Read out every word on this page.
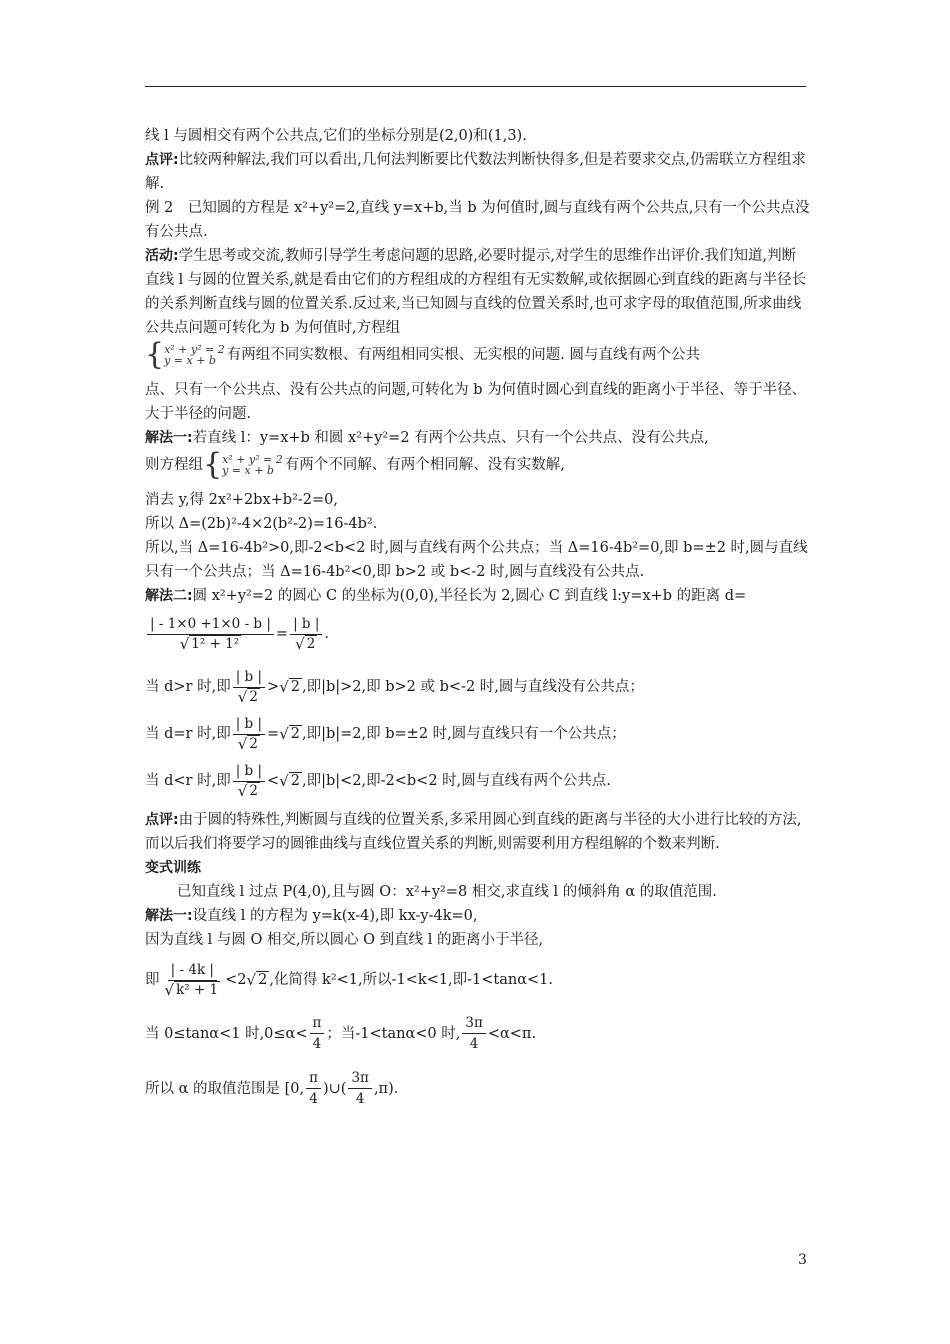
线 l 与圆相交有两个公共点,它们的坐标分别是(2,0)和(1,3).

点评:比较两种解法,我们可以看出,几何法判断要比代数法判断快得多,但是若要求交点,仍需联立方程组求解.

例 2　已知圆的方程是 x²+y²=2,直线 y=x+b,当 b 为何值时,圆与直线有两个公共点,只有一个公共点没有公共点.

活动:学生思考或交流,教师引导学生考虑问题的思路,必要时提示,对学生的思维作出评价.我们知道,判断直线 l 与圆的位置关系,就是看由它们的方程组成的方程组有无实数解,或依据圆心到直线的距离与半径长的关系判断直线与圆的位置关系.反过来,当已知圆与直线的位置关系时,也可求字母的取值范围,所求曲线公共点问题可转化为 b 为何值时,方程组

{ x² + y² = 2
y = x + b 有两组不同实数根、有两组相同实根、无实根的问题. 圆与直线有两个公共

点、只有一个公共点、没有公共点的问题,可转化为 b 为何值时圆心到直线的距离小于半径、等于半径、大于半径的问题.

解法一:若直线 l：y=x+b 和圆 x²+y²=2 有两个公共点、只有一个公共点、没有公共点,

则方程组 { x² + y² = 2
y = x + b 有两个不同解、有两个相同解、没有实数解,

消去 y,得 2x²+2bx+b²-2=0,

所以 Δ=(2b)²-4×2(b²-2)=16-4b².

所以,当 Δ=16-4b²>0,即-2<b<2 时,圆与直线有两个公共点；当 Δ=16-4b²=0,即 b=±2 时,圆与直线只有一个公共点；当 Δ=16-4b²<0,即 b>2 或 b<-2 时,圆与直线没有公共点.

解法二:圆 x²+y²=2 的圆心 C 的坐标为(0,0),半径长为 2,圆心 C 到直线 l:y=x+b 的距离 d=

$\frac{| - 1\times 0 +1\times 0 - b |}{\text{√ 1² + 1²}} = \frac{| b |}{√ 2}$ .
当 d>r 时,即 $\frac{| b |}{√ 2}$ > √ 2 ,即|b|>2,即 b>2 或 b<-2 时,圆与直线没有公共点；
当 d=r 时,即 $\frac{| b |}{√ 2}$ = √ 2 ,即|b|=2,即 b=±2 时,圆与直线只有一个公共点；
当 d<r 时,即 $\frac{| b |}{√ 2}$ < √ 2 ,即|b|<2,即-2<b<2 时,圆与直线有两个公共点.

点评:由于圆的特殊性,判断圆与直线的位置关系,多采用圆心到直线的距离与半径的大小进行比较的方法,而以后我们将要学习的圆锥曲线与直线位置关系的判断,则需要利用方程组解的个数来判断.

变式训练

已知直线 l 过点 P(4,0),且与圆 O：x²+y²=8 相交,求直线 l 的倾斜角 α 的取值范围.

解法一:设直线 l 的方程为 y=k(x-4),即 kx-y-4k=0,

因为直线 l 与圆 O 相交,所以圆心 O 到直线 l 的距离小于半径,

即 $\frac{| - 4k |}{\text{√ k² + 1}} <2$ √ 2 ,化简得 k²<1,所以-1<k<1,即-1<tanα<1.
当 0≤tanα<1 时$,0\le\alpha< \frac{\pi}{4}$ ；当-1<tanα<0 时, $\frac{3\pi}{4} <\alpha<\pi$.
所以 α 的取值范围是 [0, $\frac{\pi}{4}$ )∪( $\frac{3\pi}{4} ,\pi$).
3
